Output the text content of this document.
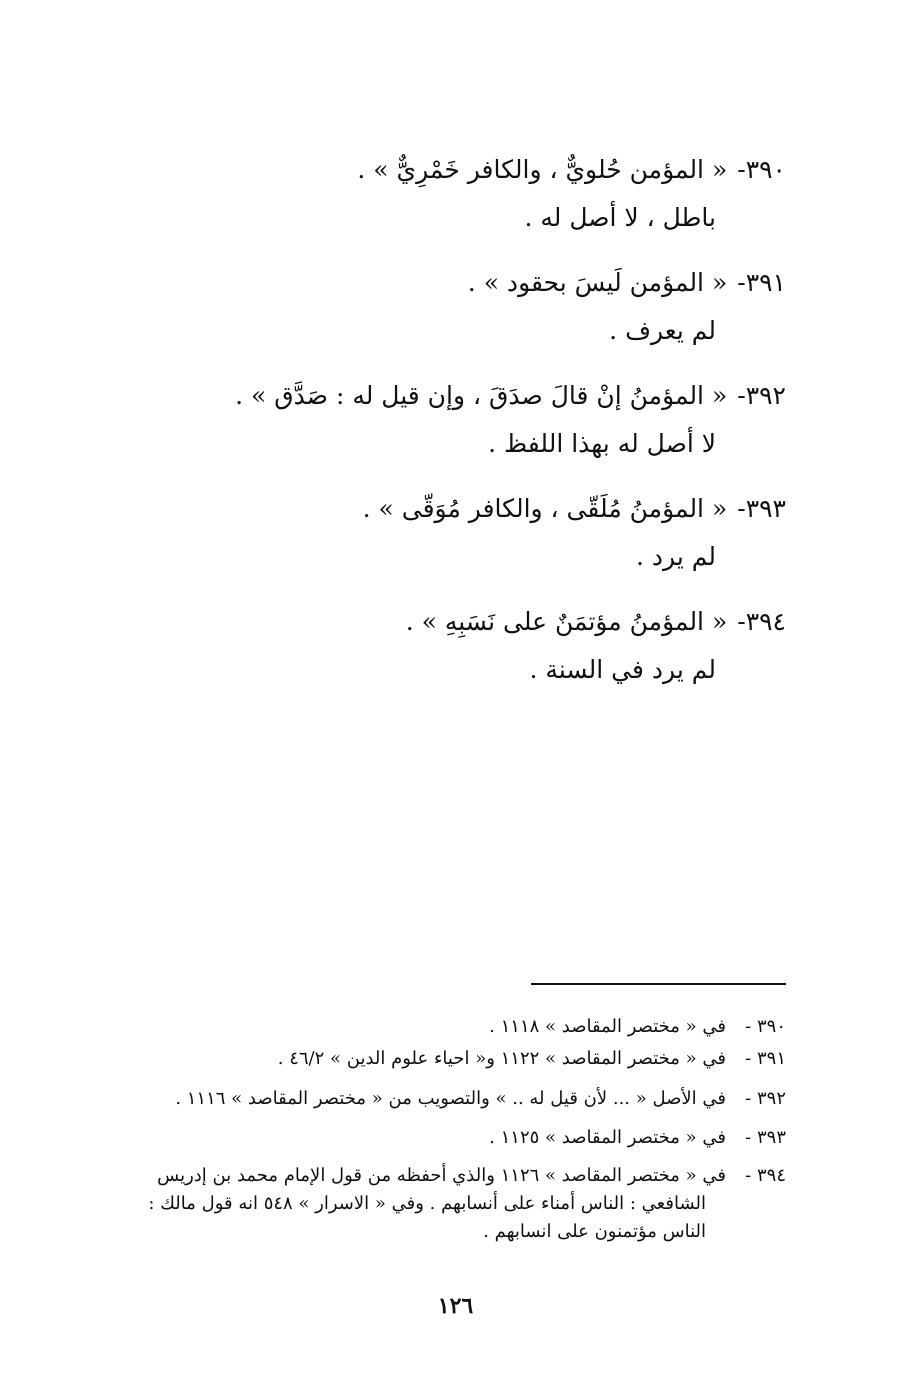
٣٩٠-« المؤمن حُلويٌّ ، والكافر خَمْرِيٌّ » .
باطل ، لا أصل له .
٣٩١-« المؤمن لَيسَ بحقود » .
لم يعرف .
٣٩٢-« المؤمنُ إنْ قالَ صدَقَ ، وإن قيل له : صَدَّق » .
لا أصل له بهذا اللفظ .
٣٩٣-« المؤمنُ مُلَقّى ، والكافر مُوَقّى » .
لم يرد .
٣٩٤-« المؤمنُ مؤتمَنٌ على نَسَبِهِ » .
لم يرد في السنة .
٣٩٠ -في « مختصر المقاصد » ١١١٨ .
٣٩١ -في « مختصر المقاصد » ١١٢٢ و« احياء علوم الدين » ٤٦/٢ .
٣٩٢ -في الأصل « ... لأن قيل له .. » والتصويب من « مختصر المقاصد » ١١١٦ .
٣٩٣ -في « مختصر المقاصد » ١١٢٥ .
٣٩٤ -في « مختصر المقاصد » ١١٢٦ والذي أحفظه من قول الإمام محمد بن إدريس
الشافعي : الناس أمناء على أنسابهم . وفي « الاسرار » ٥٤٨ انه قول مالك :
الناس مؤتمنون على انسابهم .
١٢٦
